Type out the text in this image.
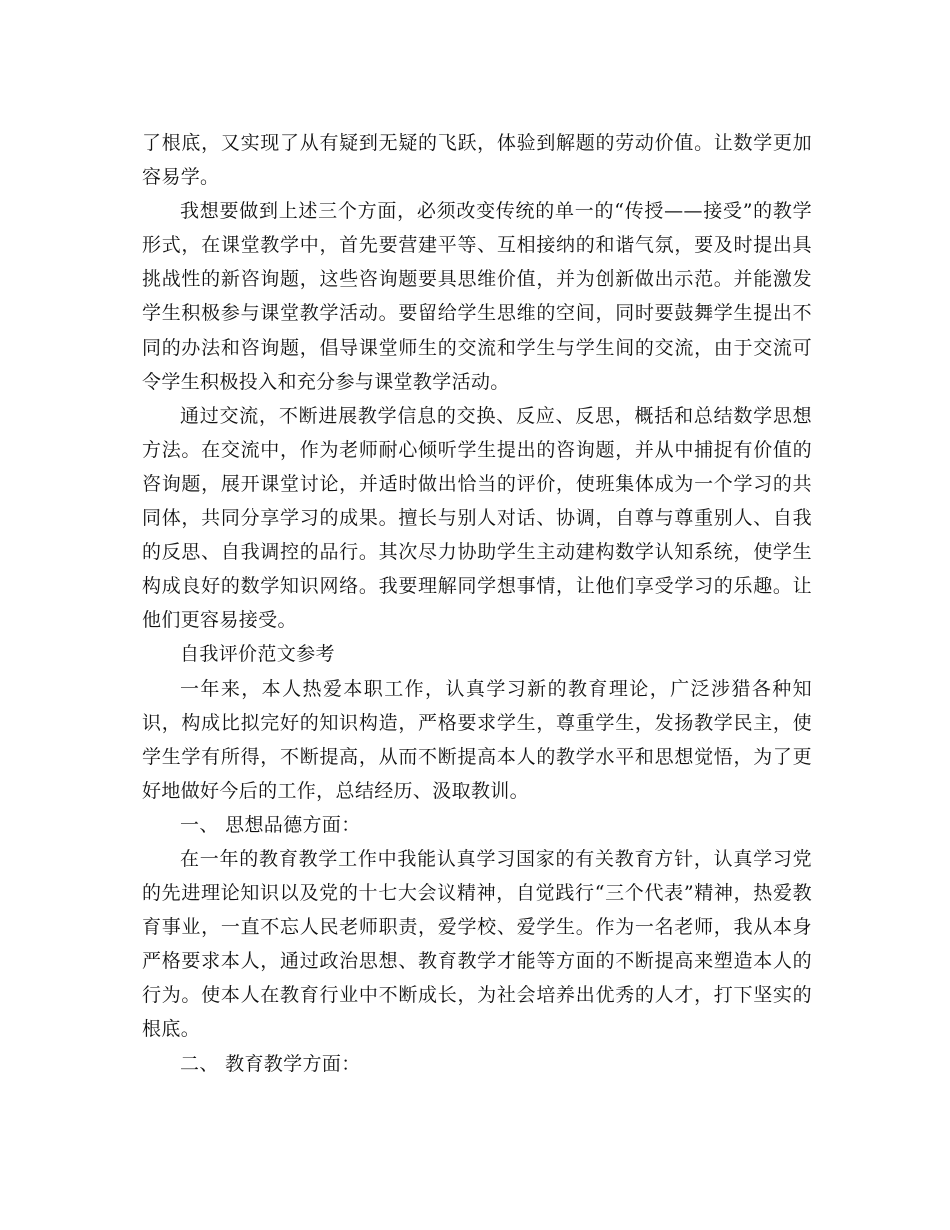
了根底，又实现了从有疑到无疑的飞跃，体验到解题的劳动价值。让数学更加容易学。

我想要做到上述三个方面，必须改变传统的单一的“传授——接受”的教学形式，在课堂教学中，首先要营建平等、互相接纳的和谐气氛，要及时提出具挑战性的新咨询题，这些咨询题要具思维价值，并为创新做出示范。并能激发学生积极参与课堂教学活动。要留给学生思维的空间，同时要鼓舞学生提出不同的办法和咨询题，倡导课堂师生的交流和学生与学生间的交流，由于交流可令学生积极投入和充分参与课堂教学活动。

通过交流，不断进展教学信息的交换、反应、反思，概括和总结数学思想方法。在交流中，作为老师耐心倾听学生提出的咨询题，并从中捕捉有价值的咨询题，展开课堂讨论，并适时做出恰当的评价，使班集体成为一个学习的共同体，共同分享学习的成果。擅长与别人对话、协调，自尊与尊重别人、自我的反思、自我调控的品行。其次尽力协助学生主动建构数学认知系统，使学生构成良好的数学知识网络。我要理解同学想事情，让他们享受学习的乐趣。让他们更容易接受。

自我评价范文参考

一年来，本人热爱本职工作，认真学习新的教育理论，广泛涉猎各种知识，构成比拟完好的知识构造，严格要求学生，尊重学生，发扬教学民主，使学生学有所得，不断提高，从而不断提高本人的教学水平和思想觉悟，为了更好地做好今后的工作，总结经历、汲取教训。

一、 思想品德方面：

在一年的教育教学工作中我能认真学习国家的有关教育方针，认真学习党的先进理论知识以及党的十七大会议精神，自觉践行“三个代表”精神，热爱教育事业，一直不忘人民老师职责，爱学校、爱学生。作为一名老师，我从本身严格要求本人，通过政治思想、教育教学才能等方面的不断提高来塑造本人的行为。使本人在教育行业中不断成长，为社会培养出优秀的人才，打下坚实的根底。

二、 教育教学方面：
